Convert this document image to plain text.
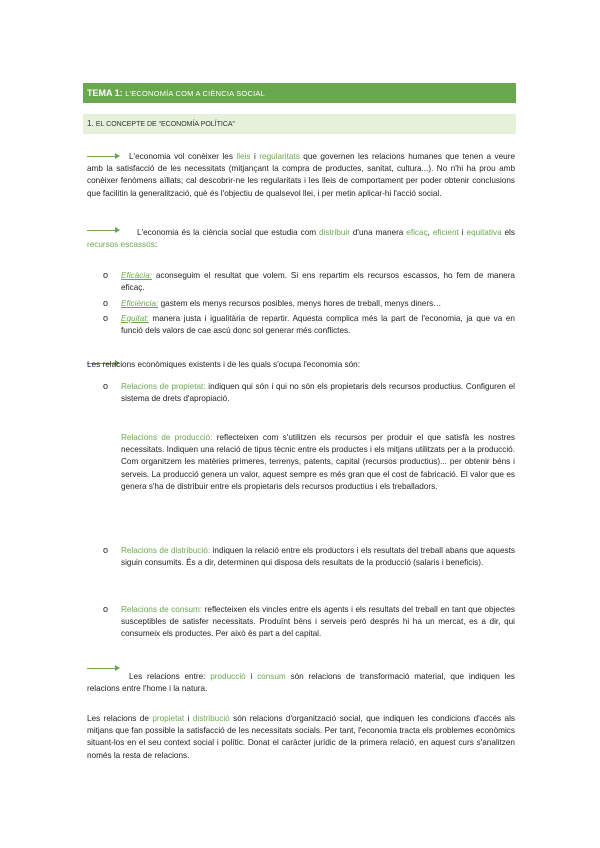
TEMA 1: L'ECONOMÍA COM A CIÈNCIA SOCIAL
1. EL CONCEPTE DE “ECONOMÍA POLÍTICA”
L'economia vol conèixer les lleis i regularitats que governen les relacions humanes que tenen a veure amb la satisfacció de les necessitats (mitjançant la compra de productes, sanitat, cultura...). No n'hi ha prou amb conèixer fenòmens aïllats; cal descobrir-ne les regularitats i les lleis de comportament per poder obtenir conclusions que facilitin la generalització, què és l'objectiu de qualsevol llei, i per metin aplicar-hi l'acció social.
L'economia és la ciència social que estudia com distribuir d'una manera eficaç, eficient i equitativa els recursos escassos:
o Eficàcia: aconseguim el resultat que volem. Si ens repartim els recursos escassos, ho fem de manera eficaç.
o Eficiència: gastem els menys recursos posibles, menys hores de treball, menys diners…
o Equitat: manera justa i igualitària de repartir. Aquesta complica més la part de l'economia, ja que va en funció dels valors de cae ascú donc sol generar més conflictes.
Les relacions econòmiques existents i de les quals s'ocupa l'economia són:
o Relacions de propietat: indiquen qui són i qui no són els propietaris dels recursos productius. Configuren el sistema de drets d'apropiació.
Relacions de producció: reflecteixen com s'utilitzen els recursos per produir el que satisfà les nostres necessitats. Indiquen una relació de tipus tècnic entre els productes i els mitjans utilitzats per a la producció. Com organitzem les matèries primeres, terrenys, patents, capital (recursos productius)... per obtenir béns i serveis. La producció genera un valor, aquest sempre es més gran que el cost de fabricació. El valor que es genera s'ha de distribuir entre els propietaris dels recursos productius i els treballadors.
o Relacions de distribució: indiquen la relació entre els productors i els resultats del treball abans que aquests siguin consumits. És a dir, determinen qui disposa dels resultats de la producció (salaris i beneficis).
o Relacions de consum: reflecteixen els vincles entre els agents i els resultats del treball en tant que objectes susceptibles de satisfer necessitats. Produïnt béns i serveis però després hi ha un mercat, es a dir, qui consumeix els productes. Per això és part a del capital.
Les relacions entre: producció i consum són relacions de transformació material, que indiquen les relacions entre l'home i la natura.
Les relacions de propietat i distribució són relacions d'organització social, que indiquen les condicions d'accés als mitjans que fan possible la satisfacció de les necessitats socials. Per tant, l'economia tracta els problemes econòmics situant-los en el seu context social i polític. Donat el caràcter jurídic de la primera relació, en aquest curs s'analitzen només la resta de relacions.
